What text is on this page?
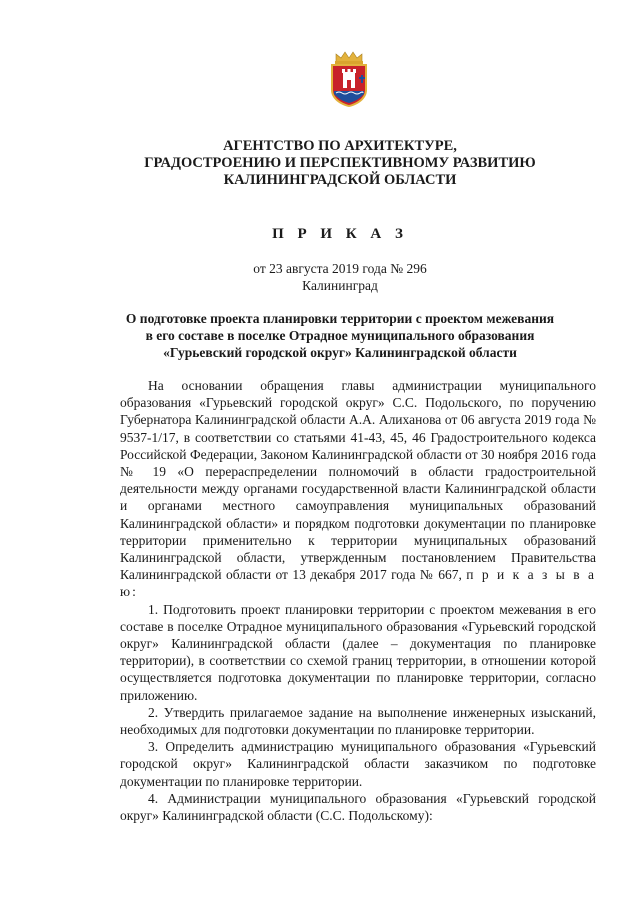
АГЕНТСТВО ПО АРХИТЕКТУРЕ,
ГРАДОСТРОЕНИЮ И ПЕРСПЕКТИВНОМУ РАЗВИТИЮ
КАЛИНИНГРАДСКОЙ ОБЛАСТИ
П Р И К А З
от 23 августа 2019 года № 296
Калининград
О подготовке проекта планировки территории с проектом межевания
в его составе в поселке Отрадное муниципального образования
«Гурьевский городской округ» Калининградской области

На основании обращения главы администрации муниципального образования «Гурьевский городской округ» С.С. Подольского, по поручению Губернатора Калининградской области А.А. Алиханова от 06 августа 2019 года № 9537-1/17, в соответствии со статьями 41-43, 45, 46 Градостроительного кодекса Российской Федерации, Законом Калининградской области от 30 ноября 2016 года № 19 «О перераспределении полномочий в области градостроительной деятельности между органами государственной власти Калининградской области и органами местного самоуправления муниципальных образований Калининградской области» и порядком подготовки документации по планировке территории применительно к территории муниципальных образований Калининградской области, утвержденным постановлением Правительства Калининградской области от 13 декабря 2017 года № 667, п р и к а з ы в а ю:

1. Подготовить проект планировки территории с проектом межевания в его составе в поселке Отрадное муниципального образования «Гурьевский городской округ» Калининградской области (далее – документация по планировке территории), в соответствии со схемой границ территории, в отношении которой осуществляется подготовка документации по планировке территории, согласно приложению.

2. Утвердить прилагаемое задание на выполнение инженерных изысканий, необходимых для подготовки документации по планировке территории.

3. Определить администрацию муниципального образования «Гурьевский городской округ» Калининградской области заказчиком по подготовке документации по планировке территории.

4. Администрации муниципального образования «Гурьевский городской округ» Калининградской области (С.С. Подольскому):
